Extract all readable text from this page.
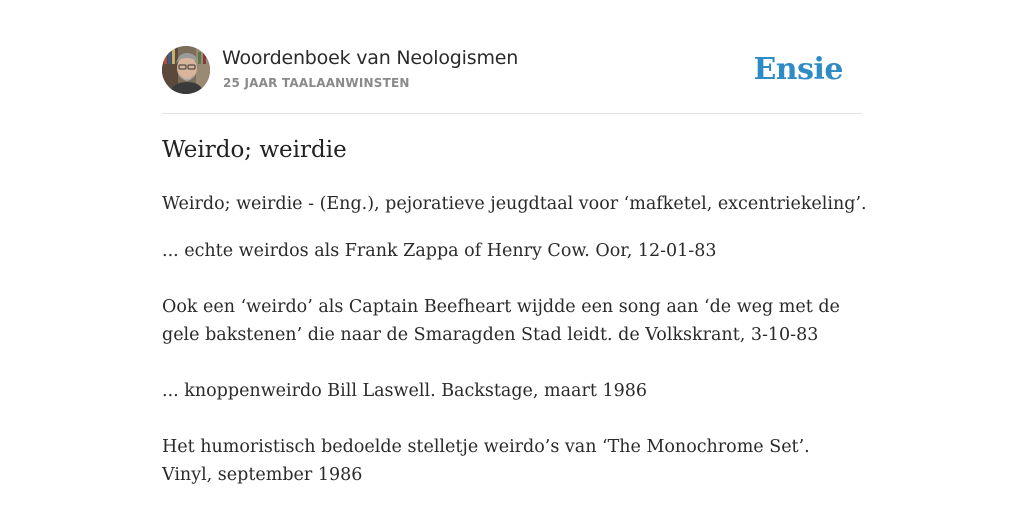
Woordenboek van Neologismen
25 JAAR TAALAANWINSTEN	Ensie
Weirdo; weirdie

Weirdo; weirdie - (Eng.), pejoratieve jeugdtaal voor ‘mafketel, excentriekeling’.

... echte weirdos als Frank Zappa of Henry Cow. Oor, 12-01-83

Ook een ‘weirdo’ als Captain Beefheart wijdde een song aan ‘de weg met de gele bakstenen’ die naar de Smaragden Stad leidt. de Volkskrant, 3-10-83

... knoppenweirdo Bill Laswell. Backstage, maart 1986

Het humoristisch bedoelde stelletje weirdo’s van ‘The Monochrome Set’. Vinyl, september 1986
